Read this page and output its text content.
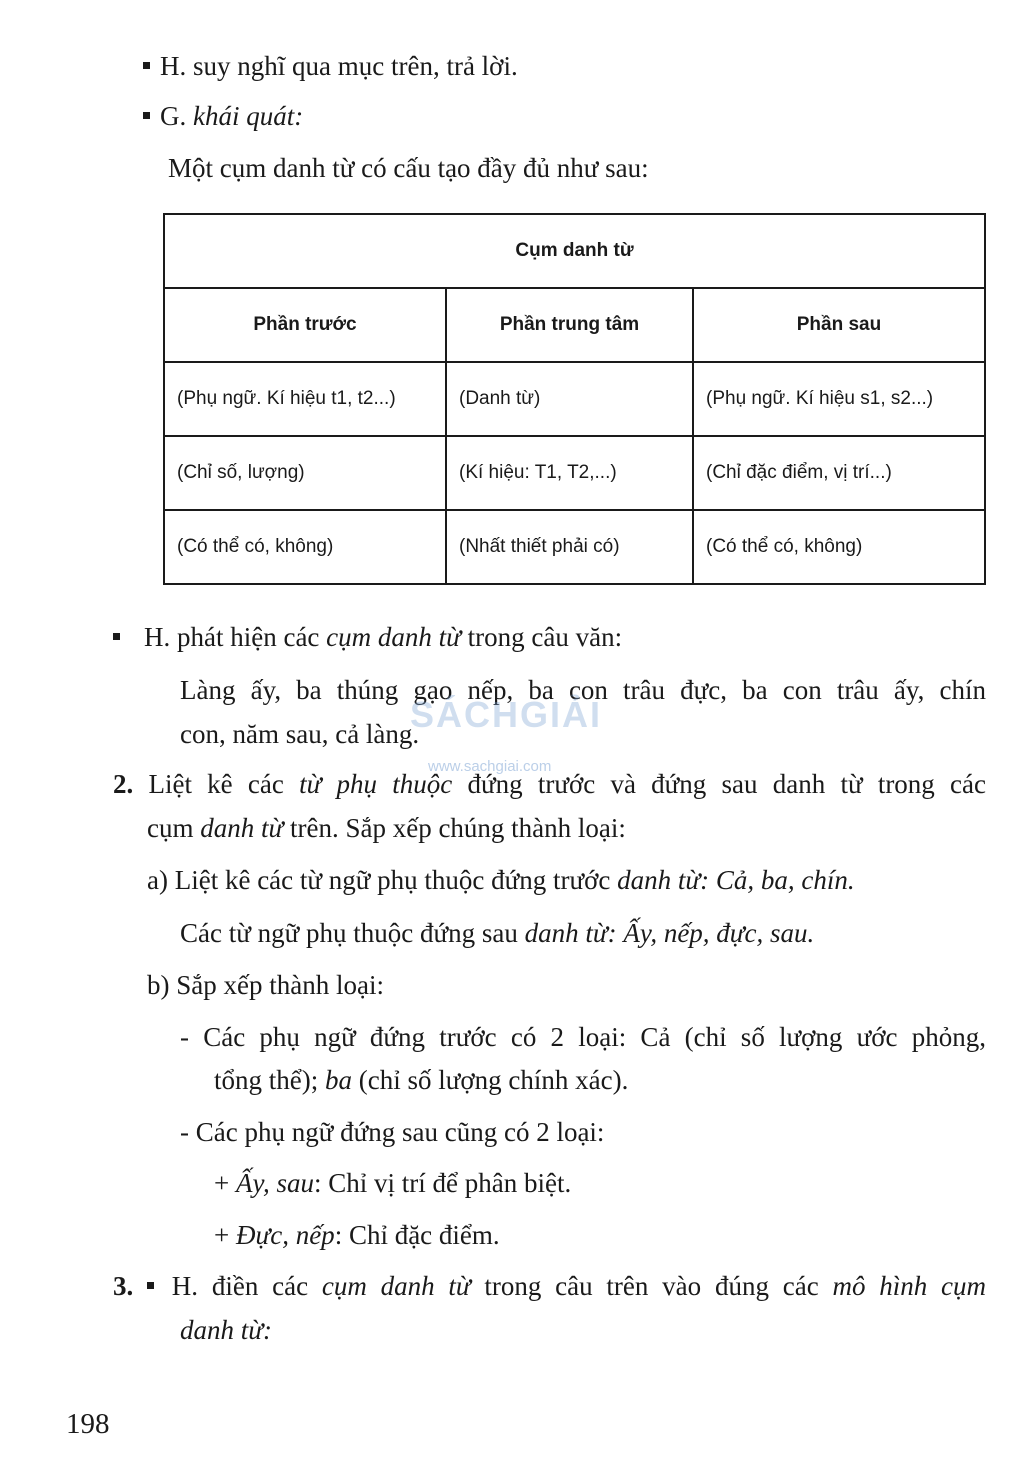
H. suy nghĩ qua mục trên, trả lời.
G. khái quát:
Một cụm danh từ có cấu tạo đầy đủ như sau:
Cụm danh từ		
Phần trước	Phần trung tâm	Phần sau
(Phụ ngữ. Kí hiệu t1, t2...)	(Danh từ)	(Phụ ngữ. Kí hiệu s1, s2...)
(Chỉ số, lượng)	(Kí hiệu: T1, T2,...)	(Chỉ đặc điểm, vị trí...)
(Có thể có, không)	(Nhất thiết phải có)	(Có thể có, không)
H. phát hiện các cụm danh từ trong câu văn:
Làng ấy, ba thúng gạo nếp, ba con trâu đực, ba con trâu ấy, chín
con, năm sau, cả làng.
SÁCHGIẢI
www.sachgiai.com
2. Liệt kê các từ phụ thuộc đứng trước và đứng sau danh từ trong các
cụm danh từ trên. Sắp xếp chúng thành loại:
a) Liệt kê các từ ngữ phụ thuộc đứng trước danh từ: Cả, ba, chín.
Các từ ngữ phụ thuộc đứng sau danh từ: Ấy, nếp, đực, sau.
b) Sắp xếp thành loại:
- Các phụ ngữ đứng trước có 2 loại: Cả (chỉ số lượng ước phỏng,
tổng thể); ba (chỉ số lượng chính xác).
- Các phụ ngữ đứng sau cũng có 2 loại:
+ Ấy, sau: Chỉ vị trí để phân biệt.
+ Đực, nếp: Chỉ đặc điểm.
3.  H. điền các cụm danh từ trong câu trên vào đúng các mô hình cụm
danh từ:
198
